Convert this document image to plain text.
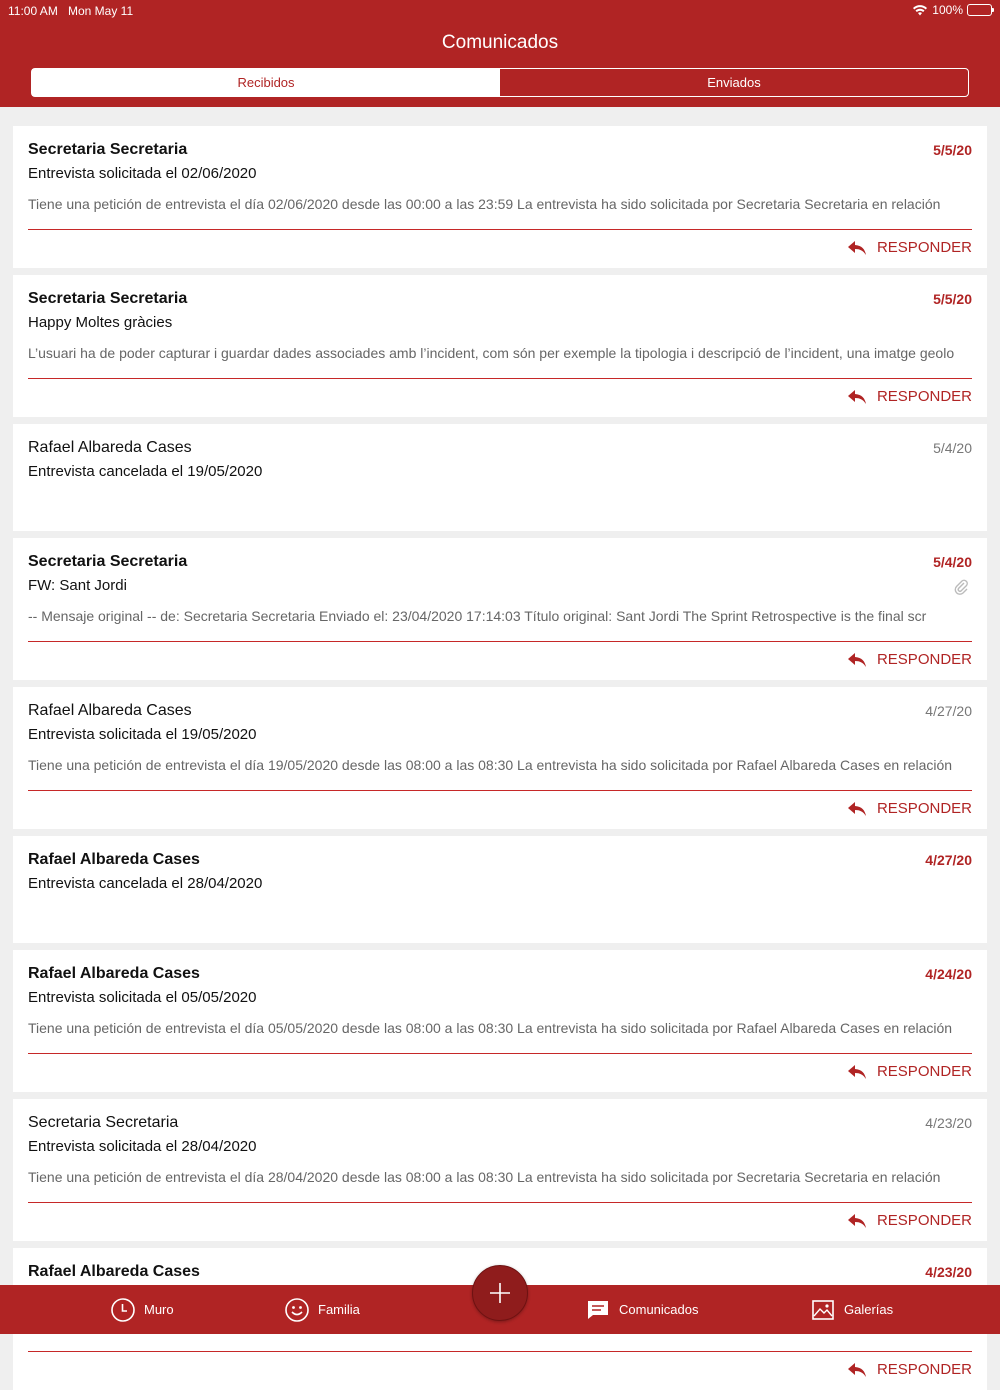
11:00 AM Mon May 11	100%
Comunicados
Recibidos	Enviados
Secretaria Secretaria	5/5/20
Entrevista solicitada el 02/06/2020
Tiene una petición de entrevista el día 02/06/2020 desde las 00:00 a las 23:59 La entrevista ha sido solicitada por Secretaria Secretaria en relación
RESPONDER
Secretaria Secretaria	5/5/20
Happy Moltes gràcies
L’usuari ha de poder capturar i guardar dades associades amb l’incident, com són per exemple la tipologia i descripció de l’incident, una imatge geolo
RESPONDER
Rafael Albareda Cases	5/4/20
Entrevista cancelada el 19/05/2020
Secretaria Secretaria	5/4/20
FW: Sant Jordi
-- Mensaje original -- de: Secretaria Secretaria Enviado el: 23/04/2020 17:14:03 Título original: Sant Jordi The Sprint Retrospective is the final scr
RESPONDER
Rafael Albareda Cases	4/27/20
Entrevista solicitada el 19/05/2020
Tiene una petición de entrevista el día 19/05/2020 desde las 08:00 a las 08:30 La entrevista ha sido solicitada por Rafael Albareda Cases en relación
RESPONDER
Rafael Albareda Cases	4/27/20
Entrevista cancelada el 28/04/2020
Rafael Albareda Cases	4/24/20
Entrevista solicitada el 05/05/2020
Tiene una petición de entrevista el día 05/05/2020 desde las 08:00 a las 08:30 La entrevista ha sido solicitada por Rafael Albareda Cases en relación
RESPONDER
Secretaria Secretaria	4/23/20
Entrevista solicitada el 28/04/2020
Tiene una petición de entrevista el día 28/04/2020 desde las 08:00 a las 08:30 La entrevista ha sido solicitada por Secretaria Secretaria en relación
RESPONDER
Rafael Albareda Cases	4/23/20
RESPONDER
Muro	Familia	Comunicados	Galerías
